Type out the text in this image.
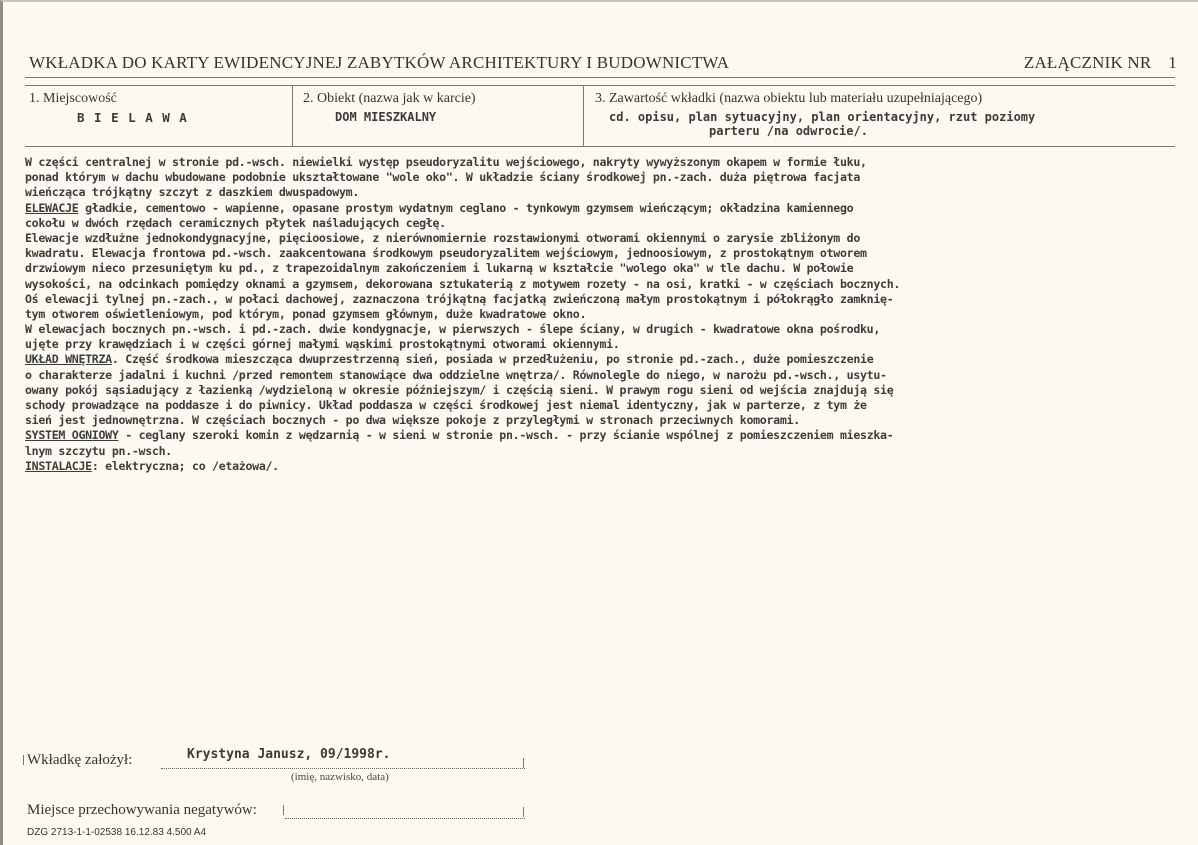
WKŁADKA DO KARTY EWIDENCYJNEJ ZABYTKÓW ARCHITEKTURY I BUDOWNICTWA	ZAŁĄCZNIK NR 1
1. Miejscowość
B I E L A W A
2. Obiekt (nazwa jak w karcie)
DOM MIESZKALNY
3. Zawartość wkładki (nazwa obiektu lub materiału uzupełniającego)
cd. opisu, plan sytuacyjny, plan orientacyjny, rzut poziomy
parteru /na odwrocie/.
W części centralnej w stronie pd.-wsch. niewielki występ pseudoryzalitu wejściowego, nakryty wywyższonym okapem w formie łuku,
ponad którym w dachu wbudowane podobnie ukształtowane "wole oko". W układzie ściany środkowej pn.-zach. duża piętrowa facjata
wieńcząca trójkątny szczyt z daszkiem dwuspadowym.
ELEWACJE gładkie, cementowo - wapienne, opasane prostym wydatnym ceglano - tynkowym gzymsem wieńczącym; okładzina kamiennego
cokołu w dwóch rzędach ceramicznych płytek naśladujących cegłę.
Elewacje wzdłużne jednokondygnacyjne, pięcioosiowe, z nierównomiernie rozstawionymi otworami okiennymi o zarysie zbliżonym do
kwadratu. Elewacja frontowa pd.-wsch. zaakcentowana środkowym pseudoryzalitem wejściowym, jednoosiowym, z prostokątnym otworem
drzwiowym nieco przesuniętym ku pd., z trapezoidalnym zakończeniem i lukarną w kształcie "wolego oka" w tle dachu. W połowie
wysokości, na odcinkach pomiędzy oknami a gzymsem, dekorowana sztukaterią z motywem rozety - na osi, kratki - w częściach bocznych.
Oś elewacji tylnej pn.-zach., w połaci dachowej, zaznaczona trójkątną facjatką zwieńczoną małym prostokątnym i półokrągło zamknię-
tym otworem oświetleniowym, pod którym, ponad gzymsem głównym, duże kwadratowe okno.
W elewacjach bocznych pn.-wsch. i pd.-zach. dwie kondygnacje, w pierwszych - ślepe ściany, w drugich - kwadratowe okna pośrodku,
ujęte przy krawędziach i w części górnej małymi wąskimi prostokątnymi otworami okiennymi.
UKŁAD WNĘTRZA. Część środkowa mieszcząca dwuprzestrzenną sień, posiada w przedłużeniu, po stronie pd.-zach., duże pomieszczenie
o charakterze jadalni i kuchni /przed remontem stanowiące dwa oddzielne wnętrza/. Równolegle do niego, w narożu pd.-wsch., usytu-
owany pokój sąsiadujący z łazienką /wydzieloną w okresie późniejszym/ i częścią sieni. W prawym rogu sieni od wejścia znajdują się
schody prowadzące na poddasze i do piwnicy. Układ poddasza w części środkowej jest niemal identyczny, jak w parterze, z tym że
sień jest jednownętrzna. W częściach bocznych - po dwa większe pokoje z przyległymi w stronach przeciwnych komorami.
SYSTEM OGNIOWY - ceglany szeroki komin z wędzarnią - w sieni w stronie pn.-wsch. - przy ścianie wspólnej z pomieszczeniem mieszka-
lnym szczytu pn.-wsch.
INSTALACJE: elektryczna; co /etażowa/.
Wkładkę założył:	Krystyna Janusz, 09/1998r.
(imię, nazwisko, data)
Miejsce przechowywania negatywów:
DZG 2713-1-1-02538 16.12.83 4.500 A4
